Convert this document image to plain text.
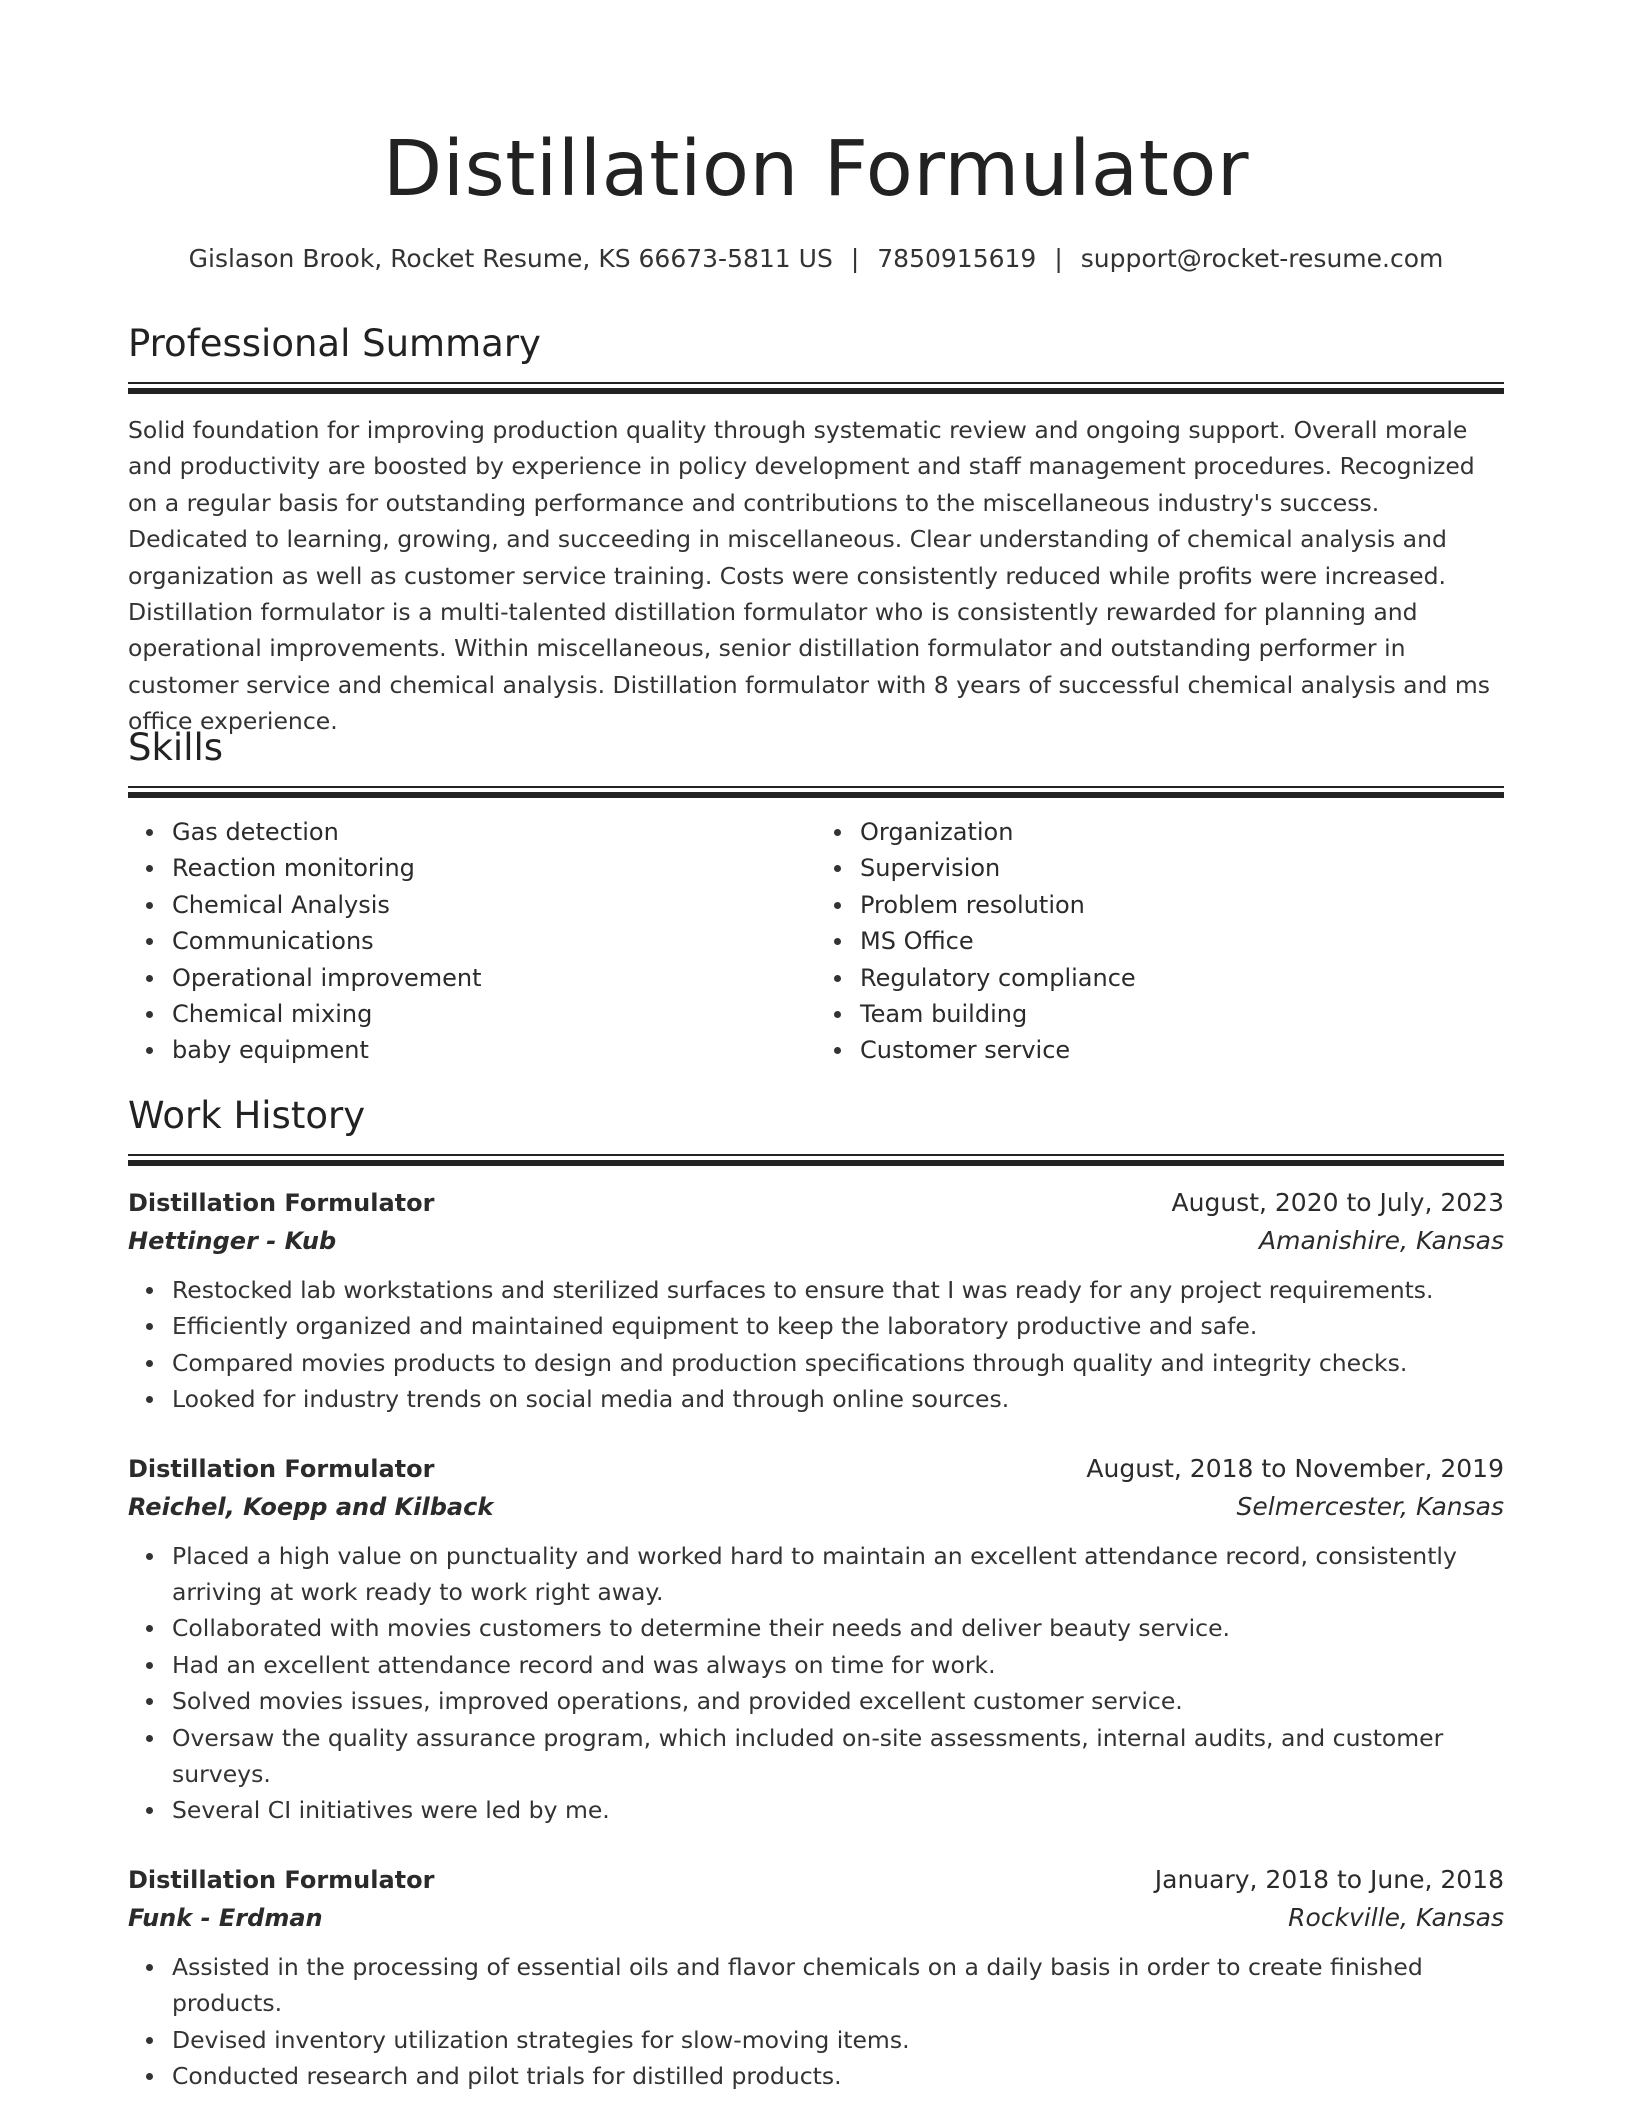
Distillation Formulator
Gislason Brook, Rocket Resume, KS 66673-5811 US | 7850915619 | support@rocket-resume.com
Professional Summary

Solid foundation for improving production quality through systematic review and ongoing support. Overall morale and productivity are boosted by experience in policy development and staff management procedures. Recognized on a regular basis for outstanding performance and contributions to the miscellaneous industry's success. Dedicated to learning, growing, and succeeding in miscellaneous. Clear understanding of chemical analysis and organization as well as customer service training. Costs were consistently reduced while profits were increased. Distillation formulator is a multi-talented distillation formulator who is consistently rewarded for planning and operational improvements. Within miscellaneous, senior distillation formulator and outstanding performer in customer service and chemical analysis. Distillation formulator with 8 years of successful chemical analysis and ms office experience.

Skills
Gas detection
Reaction monitoring
Chemical Analysis
Communications
Operational improvement
Chemical mixing
baby equipment
Organization
Supervision
Problem resolution
MS Office
Regulatory compliance
Team building
Customer service
Work History
Distillation Formulator	August, 2020 to July, 2023
Hettinger - Kub	Amanishire, Kansas
Restocked lab workstations and sterilized surfaces to ensure that I was ready for any project requirements.
Efficiently organized and maintained equipment to keep the laboratory productive and safe.
Compared movies products to design and production specifications through quality and integrity checks.
Looked for industry trends on social media and through online sources.
Distillation Formulator	August, 2018 to November, 2019
Reichel, Koepp and Kilback	Selmercester, Kansas
Placed a high value on punctuality and worked hard to maintain an excellent attendance record, consistently arriving at work ready to work right away.
Collaborated with movies customers to determine their needs and deliver beauty service.
Had an excellent attendance record and was always on time for work.
Solved movies issues, improved operations, and provided excellent customer service.
Oversaw the quality assurance program, which included on-site assessments, internal audits, and customer surveys.
Several CI initiatives were led by me.
Distillation Formulator	January, 2018 to June, 2018
Funk - Erdman	Rockville, Kansas
Assisted in the processing of essential oils and flavor chemicals on a daily basis in order to create finished products.
Devised inventory utilization strategies for slow-moving items.
Conducted research and pilot trials for distilled products.
